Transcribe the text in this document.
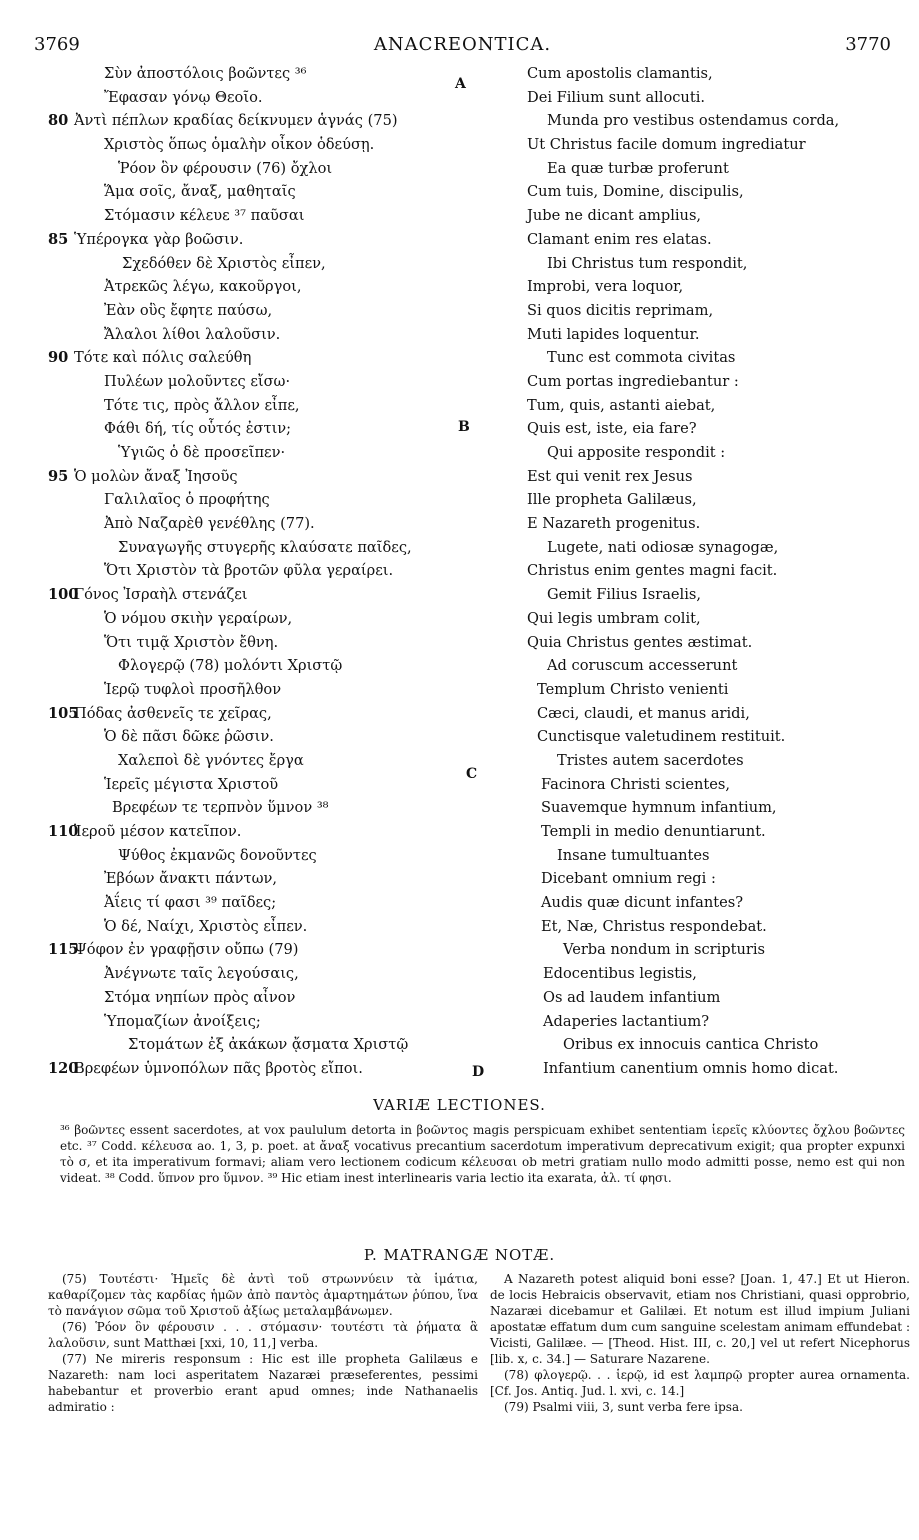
3769	ANACREONTICA.	3770
Σὺν ἀποστόλοις βοῶντες ³⁶
Ἔφασαν γόνῳ Θεοῖο.
80 Ἀντὶ πέπλων κραδίας δείκνυμεν ἁγνάς (75)
Χριστὸς ὅπως ὁμαλὴν οἶκον ὁδεύσῃ.
Ῥόον ὃν φέρουσιν (76) ὄχλοι
Ἅμα σοῖς, ἄναξ, μαθηταῖς
Στόμασιν κέλευε ³⁷ παῦσαι
85 Ὑπέρογκα γὰρ βοῶσιν.
Σχεδόθεν δὲ Χριστὸς εἶπεν,
Ἀτρεκῶς λέγω, κακοῦργοι,
Ἐὰν οὓς ἔφητε παύσω,
Ἄλαλοι λίθοι λαλοῦσιν.
90 Τότε καὶ πόλις σαλεύθη
Πυλέων μολοῦντες εἴσω·
Τότε τις, πρὸς ἄλλον εἶπε,
Φάθι δή, τίς οὗτός ἐστιν;
Ὑγιῶς ὁ δὲ προσεῖπεν·
95 Ὁ μολὼν ἄναξ Ἰησοῦς
Γαλιλαῖος ὁ προφήτης
Ἀπὸ Ναζαρὲθ γενέθλης (77).
Συναγωγῆς στυγερῆς κλαύσατε παῖδες,
Ὅτι Χριστὸν τὰ βροτῶν φῦλα γεραίρει.
100Γόνος Ἰσραὴλ στενάζει
Ὁ νόμου σκιὴν γεραίρων,
Ὅτι τιμᾷ Χριστὸν ἔθνη.
Φλογερῷ (78) μολόντι Χριστῷ
Ἱερῷ τυφλοὶ προσῆλθον
105Πόδας ἀσθενεῖς τε χεῖρας,
Ὁ δὲ πᾶσι δῶκε ῥῶσιν.
Χαλεποὶ δὲ γνόντες ἔργα
Ἱερεῖς μέγιστα Χριστοῦ
Βρεφέων τε τερπνὸν ὕμνον ³⁸
110Ἱεροῦ μέσον κατεῖπον.
Ψύθος ἐκμανῶς δονοῦντες
Ἐβόων ἄνακτι πάντων,
Ἀΐεις τί φασι ³⁹ παῖδες;
Ὁ δέ, Ναίχι, Χριστὸς εἶπεν.
115Ψόφον ἐν γραφῇσιν οὔπω (79)
Ἀνέγνωτε ταῖς λεγούσαις,
Στόμα νηπίων πρὸς αἶνον
Ὑπομαζίων ἀνοίξεις;
Στομάτων ἐξ ἀκάκων ᾄσματα Χριστῷ
120Βρεφέων ὑμνοπόλων πᾶς βροτὸς εἴποι.
Cum apostolis clamantis,
Dei Filium sunt allocuti.
Munda pro vestibus ostendamus corda,
Ut Christus facile domum ingrediatur
Ea quæ turbæ proferunt
Cum tuis, Domine, discipulis,
Jube ne dicant amplius,
Clamant enim res elatas.
Ibi Christus tum respondit,
Improbi, vera loquor,
Si quos dicitis reprimam,
Muti lapides loquentur.
Tunc est commota civitas
Cum portas ingrediebantur :
Tum, quis, astanti aiebat,
Quis est, iste, eia fare?
Qui apposite respondit :
Est qui venit rex Jesus
Ille propheta Galilæus,
E Nazareth progenitus.
Lugete, nati odiosæ synagogæ,
Christus enim gentes magni facit.
Gemit Filius Israelis,
Qui legis umbram colit,
Quia Christus gentes æstimat.
Ad coruscum accesserunt
Templum Christo venienti
Cæci, claudi, et manus aridi,
Cunctisque valetudinem restituit.
Tristes autem sacerdotes
Facinora Christi scientes,
Suavemque hymnum infantium,
Templi in medio denuntiarunt.
Insane tumultuantes
Dicebant omnium regi :
Audis quæ dicunt infantes?
Et, Næ, Christus respondebat.
Verba nondum in scripturis
Edocentibus legistis,
Os ad laudem infantium
Adaperies lactantium?
Oribus ex innocuis cantica Christo
Infantium canentium omnis homo dicat.
A
B
C
D
VARIÆ LECTIONES.

³⁶ βοῶντες essent sacerdotes, at vox paululum detorta in βοῶντος magis perspicuam exhibet sententiam ἱερεῖς κλύοντες ὄχλου βοῶντες etc. ³⁷ Codd. κέλευσα ao. 1, 3, p. poet. at ἄναξ vocativus precantium sacerdotum imperativum deprecativum exigit; qua propter expunxi τὸ σ, et ita imperativum formavi; aliam vero lectionem codicum κέλευσαι ob metri gratiam nullo modo admitti posse, nemo est qui non videat. ³⁸ Codd. ὕπνον pro ὕμνον. ³⁹ Hic etiam inest interlinearis varia lectio ita exarata, ἀλ. τί φησι.

P. MATRANGÆ NOTÆ.

(75) Τουτέστι· Ἡμεῖς δὲ ἀντὶ τοῦ στρωννύειν τὰ ἱμάτια, καθαρίζομεν τὰς καρδίας ἡμῶν ἀπὸ παντὸς ἁμαρτημάτων ῥύπου, ἵνα τὸ πανάγιον σῶμα τοῦ Χριστοῦ ἀξίως μεταλαμβάνωμεν.

(76) Ῥόον ὃν φέρουσιν . . . στόμασιν· τουτέστι τὰ ῥήματα ἃ λαλοῦσιν, sunt Matthæi [xxi, 10, 11,] verba.

(77) Ne mireris responsum : Hic est ille propheta Galilæus e Nazareth: nam loci asperitatem Nazaræi præseferentes, pessimi habebantur et proverbio erant apud omnes; inde Nathanaelis admiratio :

A Nazareth potest aliquid boni esse? [Joan. 1, 47.] Et ut Hieron. de locis Hebraicis observavit, etiam nos Christiani, quasi opprobrio, Nazaræi dicebamur et Galilæi. Et notum est illud impium Juliani apostatæ effatum dum cum sanguine scelestam animam effundebat : Vicisti, Galilæe. — [Theod. Hist. III, c. 20,] vel ut refert Nicephorus [lib. x, c. 34.] — Saturare Nazarene.

(78) φλογερῷ. . . ἱερῷ, id est λαμπρῷ propter aurea ornamenta. [Cf. Jos. Antiq. Jud. l. xvi, c. 14.]

(79) Psalmi viii, 3, sunt verba fere ipsa.
